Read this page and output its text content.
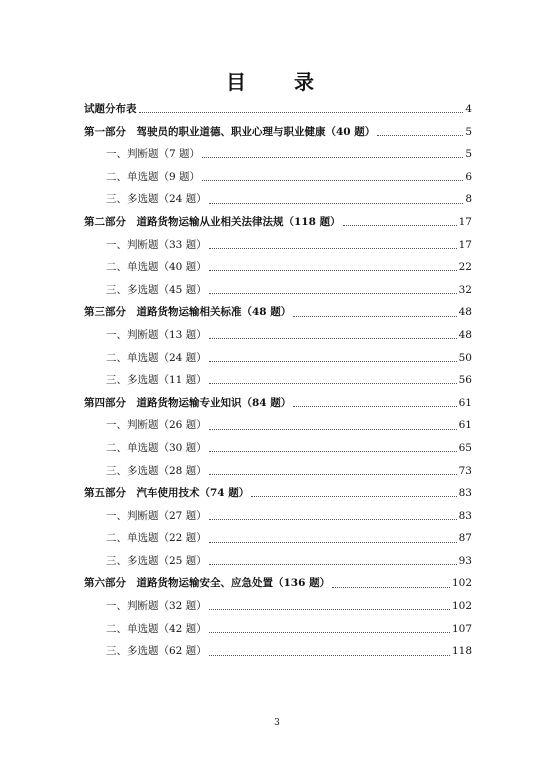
目　录
试题分布表	4
第一部分　驾驶员的职业道德、职业心理与职业健康（40 题）	5
一、判断题（7 题）	5
二、单选题（9 题）	6
三、多选题（24 题）	8
第二部分　道路货物运输从业相关法律法规（118 题）	17
一、判断题（33 题）	17
二、单选题（40 题）	22
三、多选题（45 题）	32
第三部分　道路货物运输相关标准（48 题）	48
一、判断题（13 题）	48
二、单选题（24 题）	50
三、多选题（11 题）	56
第四部分　道路货物运输专业知识（84 题）	61
一、判断题（26 题）	61
二、单选题（30 题）	65
三、多选题（28 题）	73
第五部分　汽车使用技术（74 题）	83
一、判断题（27 题）	83
二、单选题（22 题）	87
三、多选题（25 题）	93
第六部分　道路货物运输安全、应急处置（136 题）	102
一、判断题（32 题）	102
二、单选题（42 题）	107
三、多选题（62 题）	118
3
